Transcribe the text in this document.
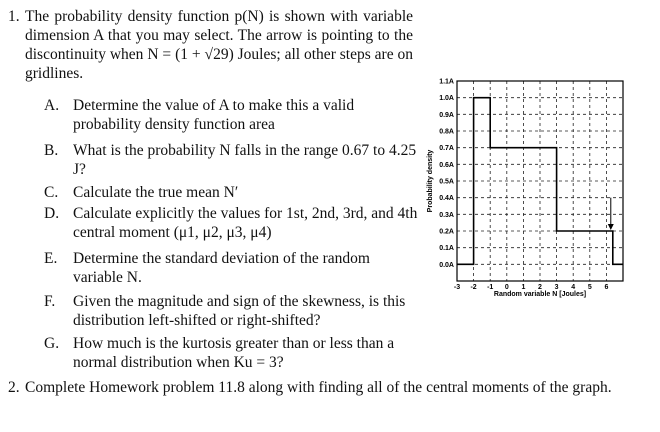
1. The probability density function p(N) is shown with variable dimension A that you may select. The arrow is pointing to the discontinuity when N = (1 + √29) Joules; all other steps are on gridlines.
A. Determine the value of A to make this a valid probability density function area
B. What is the probability N falls in the range 0.67 to 4.25 J?
C. Calculate the true mean N′
D. Calculate explicitly the values for 1st, 2nd, 3rd, and 4th central moment (μ1, μ2, μ3, μ4)
E. Determine the standard deviation of the random variable N.
F. Given the magnitude and sign of the skewness, is this distribution left-shifted or right-shifted?
G. How much is the kurtosis greater than or less than a normal distribution when Ku = 3?
2. Complete Homework problem 11.8 along with finding all of the central moments of the graph.
0.0A
0.1A
0.2A
0.3A
0.4A
0.5A
0.6A
0.7A
0.8A
0.9A
1.0A
1.1A
-3 -2 -1 0 1 2 3 4 5 6
Random variable N [Joules]
Probability density
